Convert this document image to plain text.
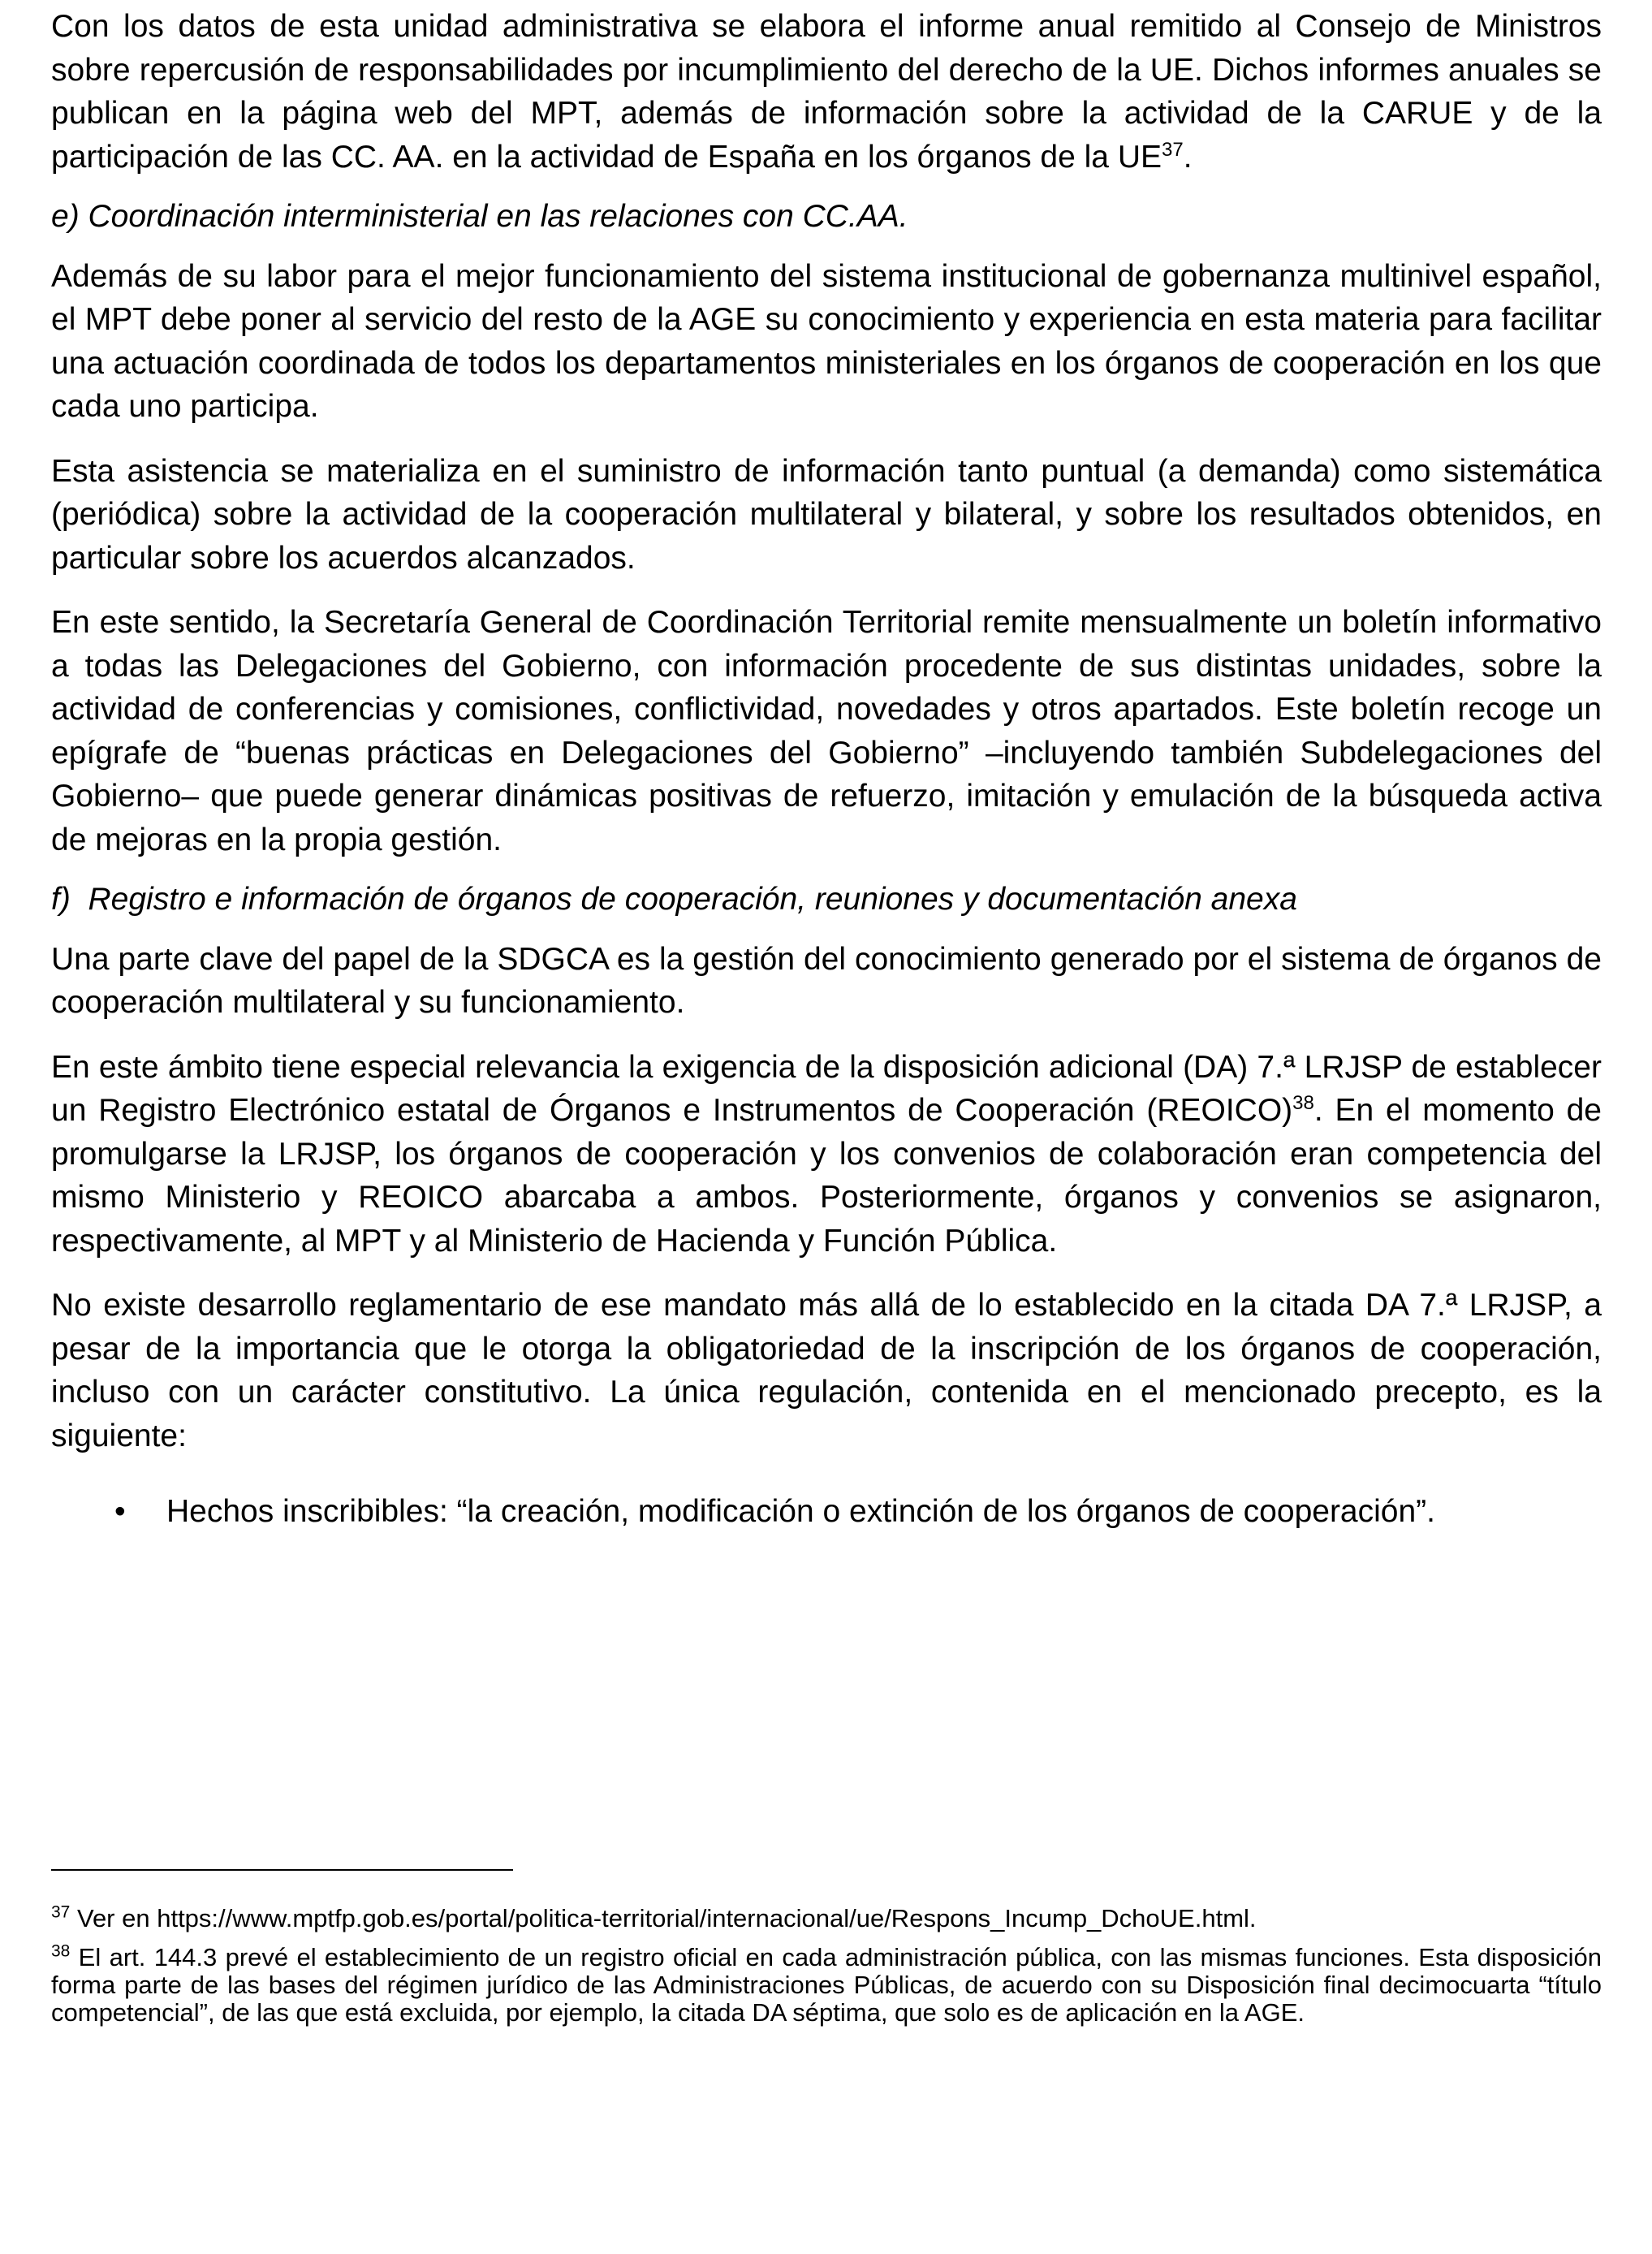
Con los datos de esta unidad administrativa se elabora el informe anual remitido al Consejo de Ministros sobre repercusión de responsabilidades por incumplimiento del derecho de la UE. Dichos informes anuales se publican en la página web del MPT, además de información sobre la actividad de la CARUE y de la participación de las CC. AA. en la actividad de España en los órganos de la UE$^{37}$.

e) Coordinación interministerial en las relaciones con CC.AA.

Además de su labor para el mejor funcionamiento del sistema institucional de gobernanza multinivel español, el MPT debe poner al servicio del resto de la AGE su conocimiento y experiencia en esta materia para facilitar una actuación coordinada de todos los departamentos ministeriales en los órganos de cooperación en los que cada uno participa.

Esta asistencia se materializa en el suministro de información tanto puntual (a demanda) como sistemática (periódica) sobre la actividad de la cooperación multilateral y bilateral, y sobre los resultados obtenidos, en particular sobre los acuerdos alcanzados.

En este sentido, la Secretaría General de Coordinación Territorial remite mensualmente un boletín informativo a todas las Delegaciones del Gobierno, con información procedente de sus distintas unidades, sobre la actividad de conferencias y comisiones, conflictividad, novedades y otros apartados. Este boletín recoge un epígrafe de “buenas prácticas en Delegaciones del Gobierno” –incluyendo también Subdelegaciones del Gobierno– que puede generar dinámicas positivas de refuerzo, imitación y emulación de la búsqueda activa de mejoras en la propia gestión.

f)  Registro e información de órganos de cooperación, reuniones y documentación anexa

Una parte clave del papel de la SDGCA es la gestión del conocimiento generado por el sistema de órganos de cooperación multilateral y su funcionamiento.

En este ámbito tiene especial relevancia la exigencia de la disposición adicional (DA) 7.ª LRJSP de establecer un Registro Electrónico estatal de Órganos e Instrumentos de Cooperación (REOICO)$^{38}$. En el momento de promulgarse la LRJSP, los órganos de cooperación y los convenios de colaboración eran competencia del mismo Ministerio y REOICO abarcaba a ambos. Posteriormente, órganos y convenios se asignaron, respectivamente, al MPT y al Ministerio de Hacienda y Función Pública.

No existe desarrollo reglamentario de ese mandato más allá de lo establecido en la citada DA 7.ª LRJSP, a pesar de la importancia que le otorga la obligatoriedad de la inscripción de los órganos de cooperación, incluso con un carácter constitutivo. La única regulación, contenida en el mencionado precepto, es la siguiente:

•	Hechos inscribibles: “la creación, modificación o extinción de los órganos de cooperación”.

$^{37}$ Ver en https://www.mptfp.gob.es/portal/politica-territorial/internacional/ue/Respons_Incump_DchoUE.html.

$^{38}$ El art. 144.3 prevé el establecimiento de un registro oficial en cada administración pública, con las mismas funciones. Esta disposición forma parte de las bases del régimen jurídico de las Administraciones Públicas, de acuerdo con su Disposición final decimocuarta “título competencial”, de las que está excluida, por ejemplo, la citada DA séptima, que solo es de aplicación en la AGE.
